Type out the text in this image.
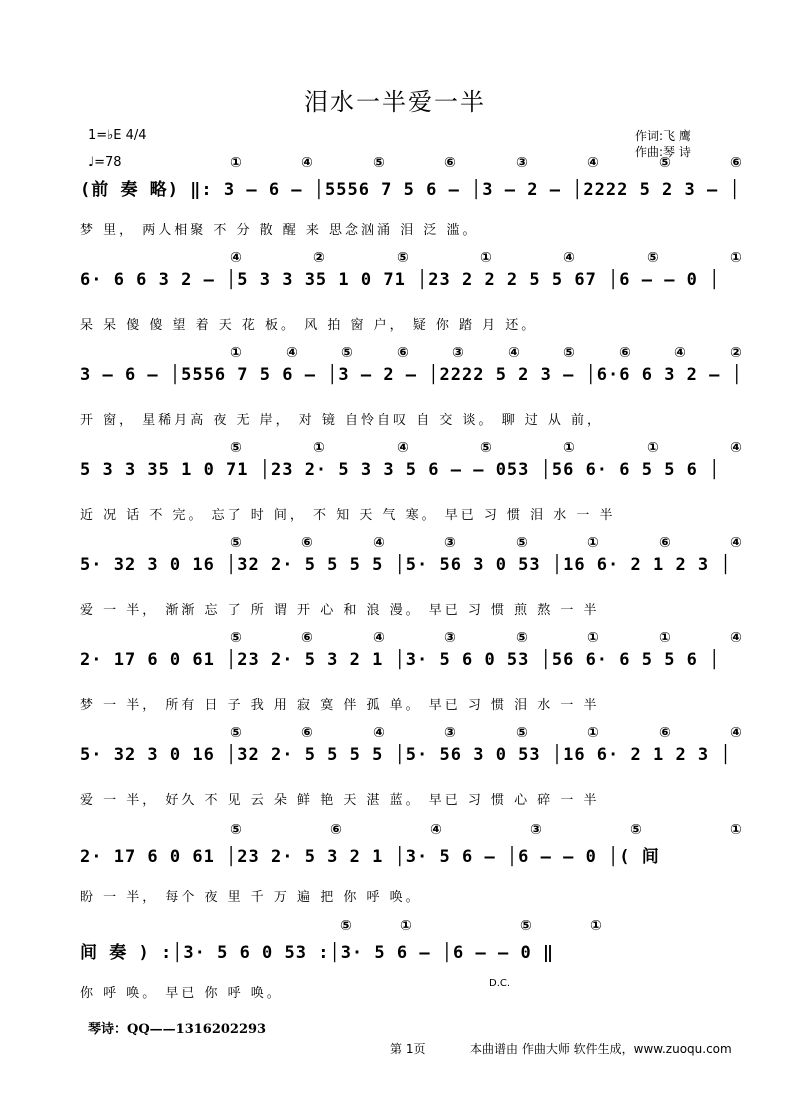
泪水一半爱一半
1=♭E 4/4
♩=78
作词:飞 鹰
作曲:琴 诗
①	④	⑤	⑥	③	④	⑤	⑥
(前 奏 略) ‖: 3 – 6 – │5556 7 5 6 – │3 – 2 – │2222 5 2 3 – │
梦 里， 两人相聚 不 分 散 醒 来 思念汹涌 泪 泛 滥。
④	②	⑤	①	④	⑤	①
6· 6 6 3 2 – │5 3 3 35 1 0 71 │23 2 2 2 5 5 67 │6 – – 0 │
呆 呆 傻 傻 望 着 天 花 板。 风 拍 窗 户， 疑 你 踏 月 还。
①	④	⑤	⑥	③	④	⑤	⑥	④	②
3 – 6 – │5556 7 5 6 – │3 – 2 – │2222 5 2 3 – │6·6 6 3 2 – │
开 窗， 星稀月高 夜 无 岸， 对 镜 自怜自叹 自 交 谈。 聊 过 从 前，
⑤	①	④	⑤	①	①	④
5 3 3 35 1 0 71 │23 2· 5 3 3 5 6 – – 053 │56 6· 6 5 5 6 │
近 况 话 不 完。 忘了 时 间， 不 知 天 气 寒。 早已 习 惯 泪 水 一 半
⑤	⑥	④	③	⑤	①	⑥	④
5· 32 3 0 16 │32 2· 5 5 5 5 │5· 56 3 0 53 │16 6· 2 1 2 3 │
爱 一 半， 渐渐 忘 了 所 谓 开 心 和 浪 漫。 早已 习 惯 煎 熬 一 半
⑤	⑥	④	③	⑤	①	①	④
2· 17 6 0 61 │23 2· 5 3 2 1 │3· 5 6 0 53 │56 6· 6 5 5 6 │
梦 一 半， 所有 日 子 我 用 寂 寞 伴 孤 单。 早已 习 惯 泪 水 一 半
⑤	⑥	④	③	⑤	①	⑥	④
5· 32 3 0 16 │32 2· 5 5 5 5 │5· 56 3 0 53 │16 6· 2 1 2 3 │
爱 一 半， 好久 不 见 云 朵 鲜 艳 天 湛 蓝。 早已 习 惯 心 碎 一 半
⑤	⑥	④	③	⑤	①
2· 17 6 0 61 │23 2· 5 3 2 1 │3· 5 6 – │6 – – 0 │( 间
盼 一 半， 每个 夜 里 千 万 遍 把 你 呼 唤。
⑤	①	⑤	①
间 奏 ) :│3· 5 6 0 53 :│3· 5 6 – │6 – – 0 ‖
你 呼 唤。 早已 你 呼 唤。
D.C.
琴诗：QQ——1316202293
第 1页	本曲谱由 作曲大师 软件生成，www.zuoqu.com
